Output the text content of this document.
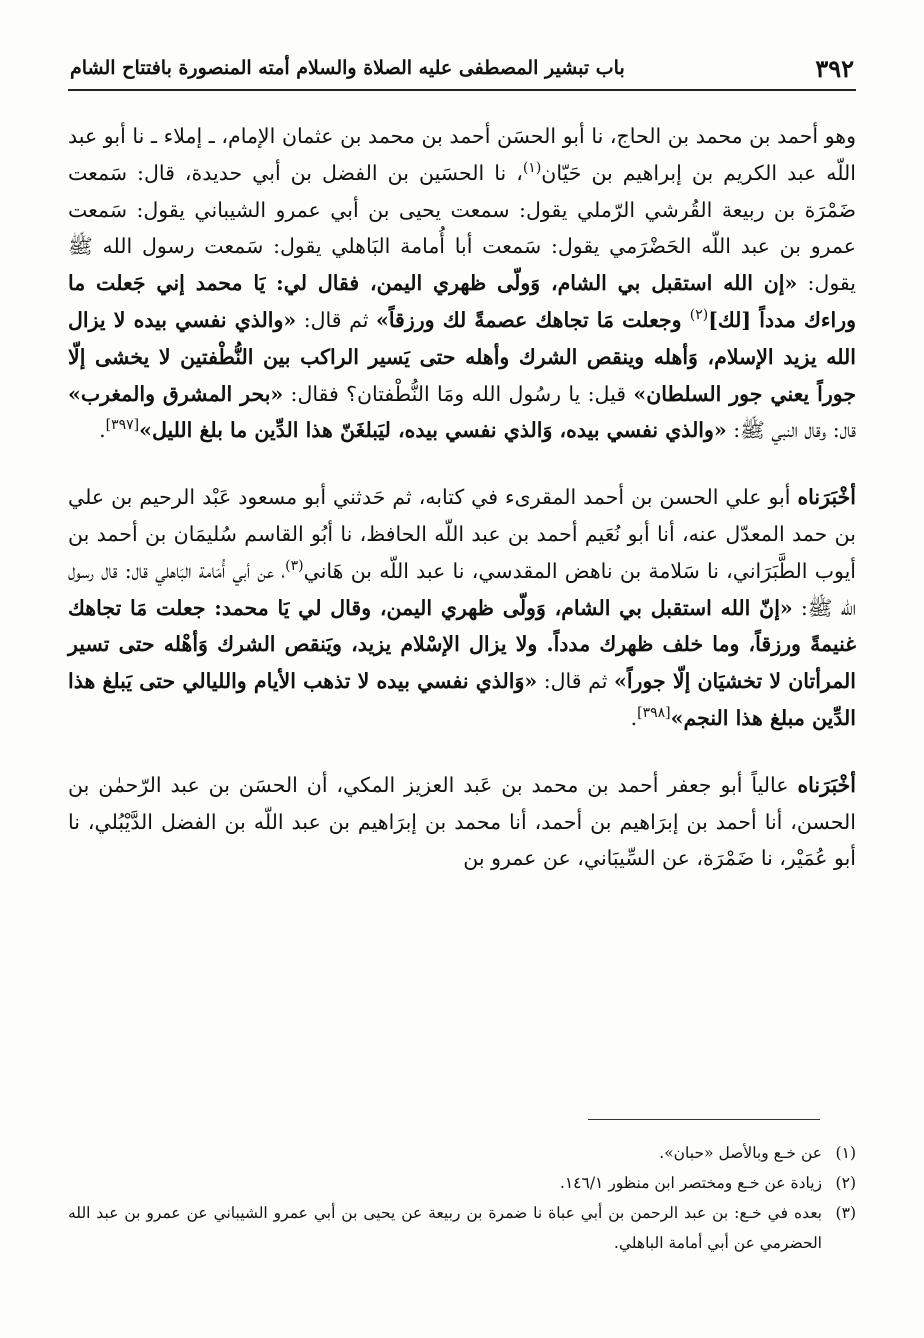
٣٩٢
باب تبشير المصطفى عليه الصلاة والسلام أمته المنصورة بافتتاح الشام

وهو أحمد بن محمد بن الحاج، نا أبو الحسَن أحمد بن محمد بن عثمان الإمام، ـ إملاء ـ نا أبو عبد اللّه عبد الكريم بن إبراهيم بن حَيّان$^{(١)}$، نا الحسَين بن الفضل بن أبي حديدة، قال: سَمعت ضَمْرَة بن ربيعة القُرشي الرّملي يقول: سمعت يحيى بن أبي عمرو الشيباني يقول: سَمعت عمرو بن عبد اللّه الحَضْرَمي يقول: سَمعت أبا أُمامة البَاهلي يقول: سَمعت رسول الله ﷺ يقول: «إن الله استقبل بي الشام، وَولّى ظهري اليمن، فقال لي: يَا محمد إني جَعلت ما وراءك مدداً [لك]$^{(٢)}$ وجعلت مَا تجاهك عصمةً لك ورزقاً» ثم قال: «والذي نفسي بيده لا يزال الله يزيد الإسلام، وَأهله وينقص الشرك وأهله حتى يَسير الراكب بين النُّطْفتين لا يخشى إلّا جوراً يعني جور السلطان» قيل: يا رسُول الله ومَا النُّطْفتان؟ فقال: «بحر المشرق والمغرب» قال: وقال النبي ﷺ: «والذي نفسي بيده، وَالذي نفسي بيده، ليَبلغَنّ هذا الدِّين ما بلغ الليل»[٣٩٧].

أخْبَرَناه أبو علي الحسن بن أحمد المقرىء في كتابه، ثم حَدثني أبو مسعود عَبْد الرحيم بن علي بن حمد المعدّل عنه، أنا أبو نُعَيم أحمد بن عبد اللّه الحافظ، نا أبُو القاسم سُليمَان بن أحمد بن أيوب الطَّبَرَاني، نا سَلامة بن ناهض المقدسي، نا عبد اللّه بن هَاني$^{(٣)}$، عن أبي أُمَامة البَاهلي قال: قال رسول الله ﷺ: «إنّ الله استقبل بي الشام، وَولّى ظهري اليمن، وقال لي يَا محمد: جعلت مَا تجاهك غنيمةً ورزقاً، وما خلف ظهرك مدداً. ولا يزال الإسْلام يزيد، ويَنقص الشرك وَأهْله حتى تسير المرأتان لا تخشيَان إلّا جوراً» ثم قال: «وَالذي نفسي بيده لا تذهب الأيام والليالي حتى يَبلغ هذا الدِّين مبلغ هذا النجم»[٣٩٨].

أخْبَرَناه عالياً أبو جعفر أحمد بن محمد بن عَبد العزيز المكي، أن الحسَن بن عبد الرّحمٰن بن الحسن، أنا أحمد بن إبرَاهيم بن أحمد، أنا محمد بن إبرَاهيم بن عبد اللّه بن الفضل الدَّيْبُلي، نا أبو عُمَيْر، نا ضَمْرَة، عن السِّيبَاني، عن عمرو بن

(١)
عن خـع وبالأصل «حبان».

(٢)
زيادة عن خـع ومختصر ابن منظور ١٤٦/١.

(٣)
بعده في خـع: بن عبد الرحمن بن أبي عباة نا ضمرة بن ربيعة عن يحيى بن أبي عمرو الشيباني عن عمرو بن عبد الله الحضرمي عن أبي أمامة الباهلي.
